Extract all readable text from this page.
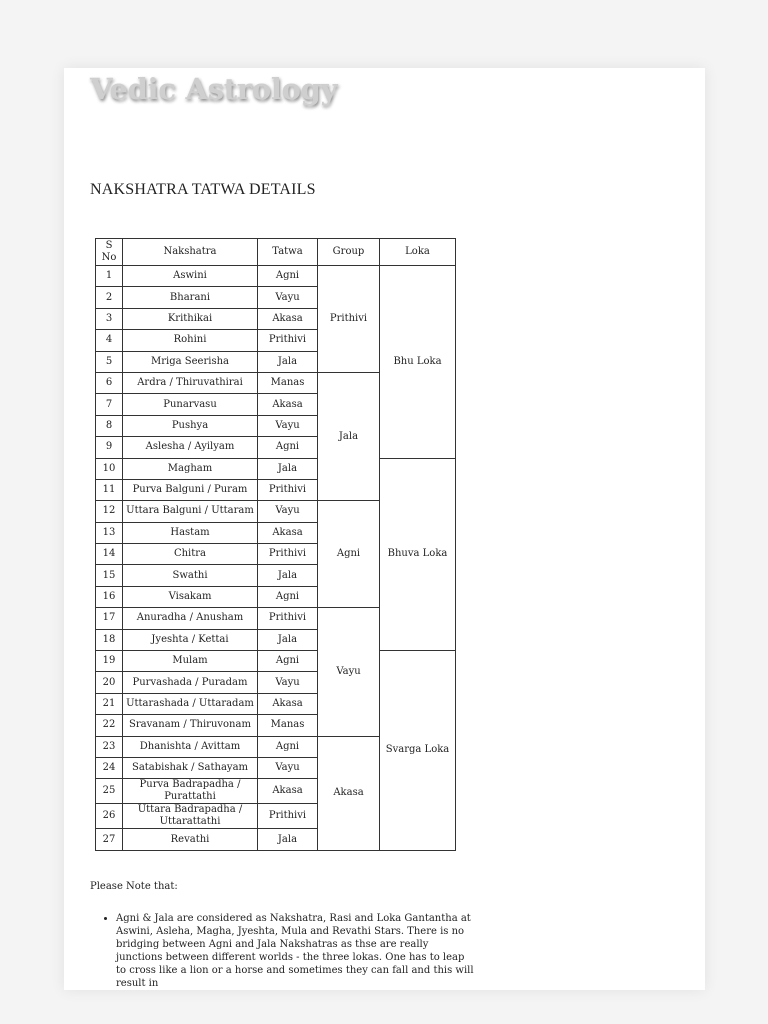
Vedic Astrology
NAKSHATRA TATWA DETAILS
S No	Nakshatra	Tatwa	Group	Loka
1	Aswini	Agni	Prithivi	Bhu Loka
2	Bharani	Vayu		
3	Krithikai	Akasa		
4	Rohini	Prithivi		
5	Mriga Seerisha	Jala		
6	Ardra / Thiruvathirai	Manas	Jala	
7	Punarvasu	Akasa		
8	Pushya	Vayu		
9	Aslesha / Ayilyam	Agni		
10	Magham	Jala		Bhuva Loka
11	Purva Balguni / Puram	Prithivi		
12	Uttara Balguni / Uttaram	Vayu	Agni	
13	Hastam	Akasa		
14	Chitra	Prithivi		
15	Swathi	Jala		
16	Visakam	Agni		
17	Anuradha / Anusham	Prithivi	Vayu	
18	Jyeshta / Kettai	Jala		
19	Mulam	Agni		Svarga Loka
20	Purvashada / Puradam	Vayu		
21	Uttarashada / Uttaradam	Akasa		
22	Sravanam / Thiruvonam	Manas		
23	Dhanishta / Avittam	Agni	Akasa	
24	Satabishak / Sathayam	Vayu		
25	Purva Badrapadha / Purattathi	Akasa		
26	Uttara Badrapadha / Uttarattathi	Prithivi		
27	Revathi	Jala		

Please Note that:

• Agni & Jala are considered as Nakshatra, Rasi and Loka Gantantha at Aswini, Asleha, Magha, Jyeshta, Mula and Revathi Stars. There is no bridging between Agni and Jala Nakshatras as thse are really junctions between different worlds - the three lokas. One has to leap to cross like a lion or a horse and sometimes they can fall and this will result in
